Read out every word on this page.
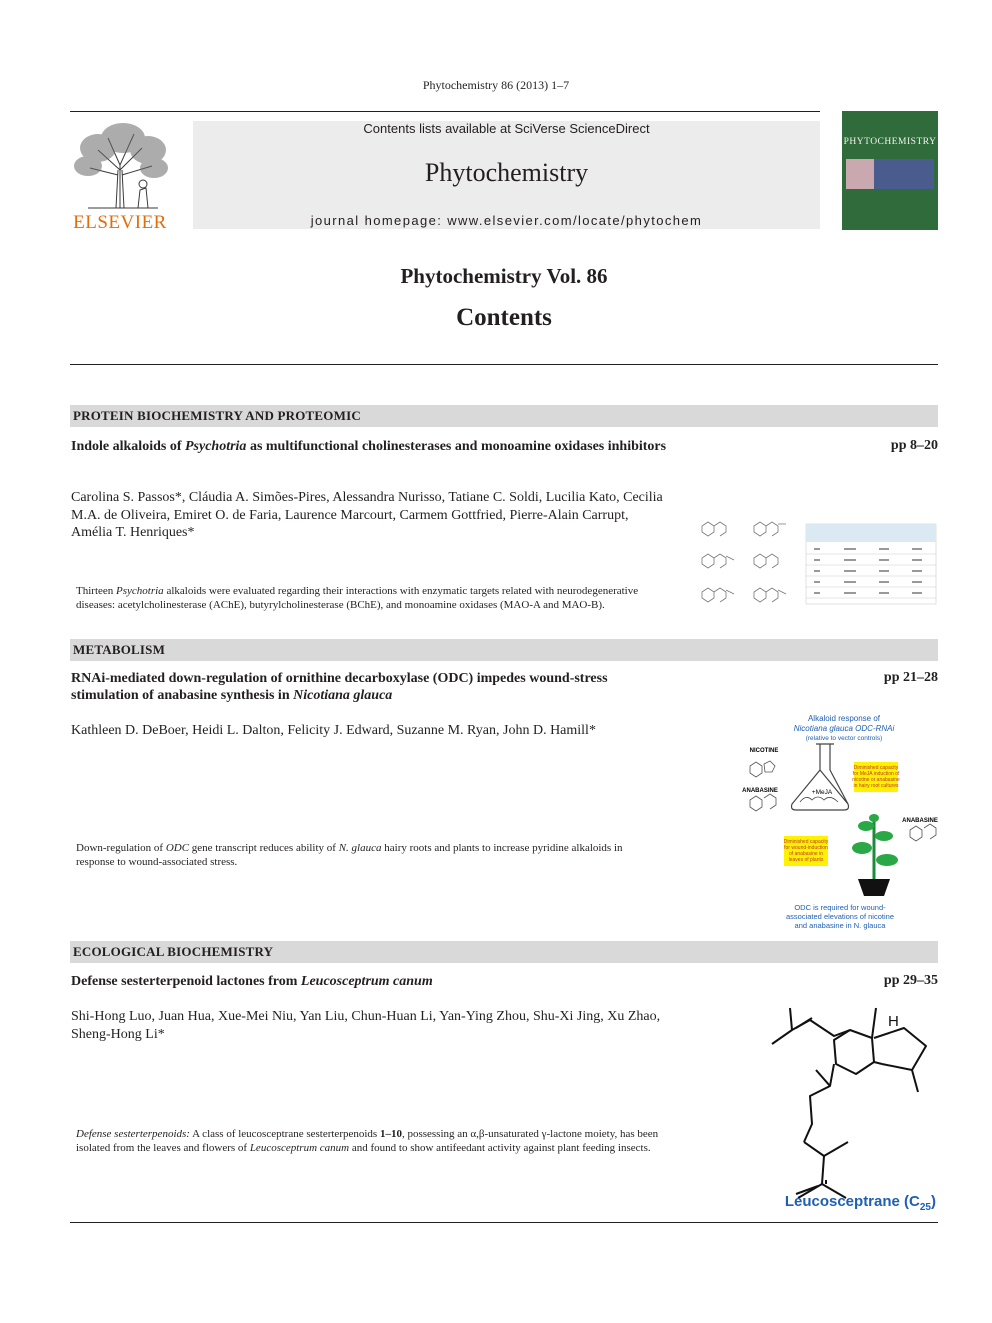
Phytochemistry 86 (2013) 1–7
ELSEVIER
Contents lists available at SciVerse ScienceDirect
Phytochemistry
journal homepage: www.elsevier.com/locate/phytochem
PHYTOCHEMISTRY
Phytochemistry Vol. 86
Contents
PROTEIN BIOCHEMISTRY AND PROTEOMIC
Indole alkaloids of Psychotria as multifunctional cholinesterases and monoamine oxidases inhibitors	pp 8–20
Carolina S. Passos*, Cláudia A. Simões-Pires, Alessandra Nurisso, Tatiane C. Soldi, Lucilia Kato, Cecilia M.A. de Oliveira, Emiret O. de Faria, Laurence Marcourt, Carmem Gottfried, Pierre-Alain Carrupt, Amélia T. Henriques*
Thirteen Psychotria alkaloids were evaluated regarding their interactions with enzymatic targets related with neurodegenerative diseases: acetylcholinesterase (AChE), butyrylcholinesterase (BChE), and monoamine oxidases (MAO-A and MAO-B).
METABOLISM
RNAi-mediated down-regulation of ornithine decarboxylase (ODC) impedes wound-stress stimulation of anabasine synthesis in Nicotiana glauca
pp 21–28
Kathleen D. DeBoer, Heidi L. Dalton, Felicity J. Edward, Suzanne M. Ryan, John D. Hamill*
Down-regulation of ODC gene transcript reduces ability of N. glauca hairy roots and plants to increase pyridine alkaloids in response to wound-associated stress.
Alkaloid response of
Nicotiana glauca ODC-RNAi
(relative to vector controls)
NICOTINE
ANABASINE	+MeJA
Diminished capacity
for MeJA induction of
nicotine or anabasine
in hairy root cultures
ANABASINE
Diminished capacity
for wound-induction
of anabasine in
leaves of plants
ODC is required for wound-
associated elevations of nicotine
and anabasine in N. glauca
ECOLOGICAL BIOCHEMISTRY
Defense sesterterpenoid lactones from Leucosceptrum canum	pp 29–35
Shi-Hong Luo, Juan Hua, Xue-Mei Niu, Yan Liu, Chun-Huan Li, Yan-Ying Zhou, Shu-Xi Jing, Xu Zhao, Sheng-Hong Li*
Defense sesterterpenoids: A class of leucosceptrane sesterterpenoids 1–10, possessing an α,β-unsaturated γ-lactone moiety, has been isolated from the leaves and flowers of Leucosceptrum canum and found to show antifeedant activity against plant feeding insects.
H
Leucosceptrane $(C_{25})$
